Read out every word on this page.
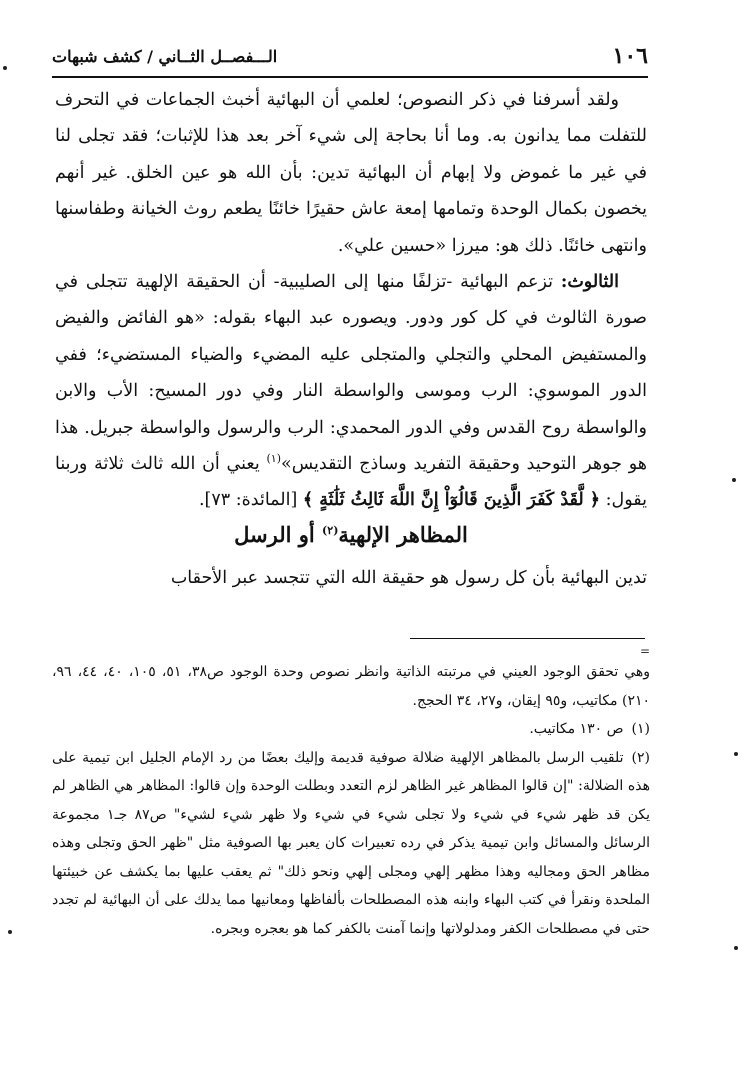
١٠٦
الـــفصــل الثــاني / كشف شبهات

ولقد أسرفنا في ذكر النصوص؛ لعلمي أن البهائية أخبث الجماعات في التحرف للتفلت مما يدانون به. وما أنا بحاجة إلى شيء آخر بعد هذا للإثبات؛ فقد تجلى لنا في غير ما غموض ولا إبهام أن البهائية تدين: بأن الله هو عين الخلق. غير أنهم يخصون بكمال الوحدة وتمامها إمعة عاش حقيرًا خائنًا يطعم روث الخيانة وطفاسنها وانتهى خائنًا. ذلك هو: ميرزا «حسين علي».

الثالوث: تزعم البهائية -تزلفًا منها إلى الصليبية- أن الحقيقة الإلهية تتجلى في صورة الثالوث في كل كور ودور. ويصوره عبد البهاء بقوله: «هو الفائض والفيض والمستفيض المحلي والتجلي والمتجلى عليه المضيء والضياء المستضيء؛ ففي الدور الموسوي: الرب وموسى والواسطة النار وفي دور المسيح: الأب والابن والواسطة روح القدس وفي الدور المحمدي: الرب والرسول والواسطة جبريل. هذا هو جوهر التوحيد وحقيقة التفريد وساذج التقديس»$^{(١)}$ يعني أن الله ثالث ثلاثة وربنا يقول: ﴿ لَّقَدْ كَفَرَ الَّذِينَ قَالُوٓاْ إِنَّ اللَّهَ ثَالِثُ ثَلَٰثَةٍ ﴾ [المائدة: ٧٣].

المظاهر الإلهية$^{(٢)}$ أو الرسل
تدين البهائية بأن كل رسول هو حقيقة الله التي تتجسد عبر الأحقاب
=

وهي تحقق الوجود العيني في مرتبته الذاتية وانظر نصوص وحدة الوجود ص٣٨، ٥١، ١٠٥، ٤٠، ٤٤، ٩٦، ٢١٠) مكاتيب، و٩٥ إيقان، و٢٧، ٣٤ الحجج.

(١)ص ١٣٠ مكاتيب.

(٢)تلقيب الرسل بالمظاهر الإلهية ضلالة صوفية قديمة وإليك بعضًا من رد الإمام الجليل ابن تيمية على هذه الضلالة: "إن قالوا المظاهر غير الظاهر لزم التعدد وبطلت الوحدة وإن قالوا: المظاهر هي الظاهر لم يكن قد ظهر شيء في شيء ولا تجلى شيء في شيء ولا ظهر شيء لشيء" ص٨٧ جـ١ مجموعة الرسائل والمسائل وابن تيمية يذكر في رده تعبيرات كان يعبر بها الصوفية مثل "ظهر الحق وتجلى وهذه مظاهر الحق ومجاليه وهذا مظهر إلهي ومجلى إلهي ونحو ذلك" ثم يعقب عليها بما يكشف عن خبيئتها الملحدة ونقرأ في كتب البهاء وابنه هذه المصطلحات بألفاظها ومعانيها مما يدلك على أن البهائية لم تجدد حتى في مصطلحات الكفر ومدلولاتها وإنما آمنت بالكفر كما هو بعجره وبجره.
